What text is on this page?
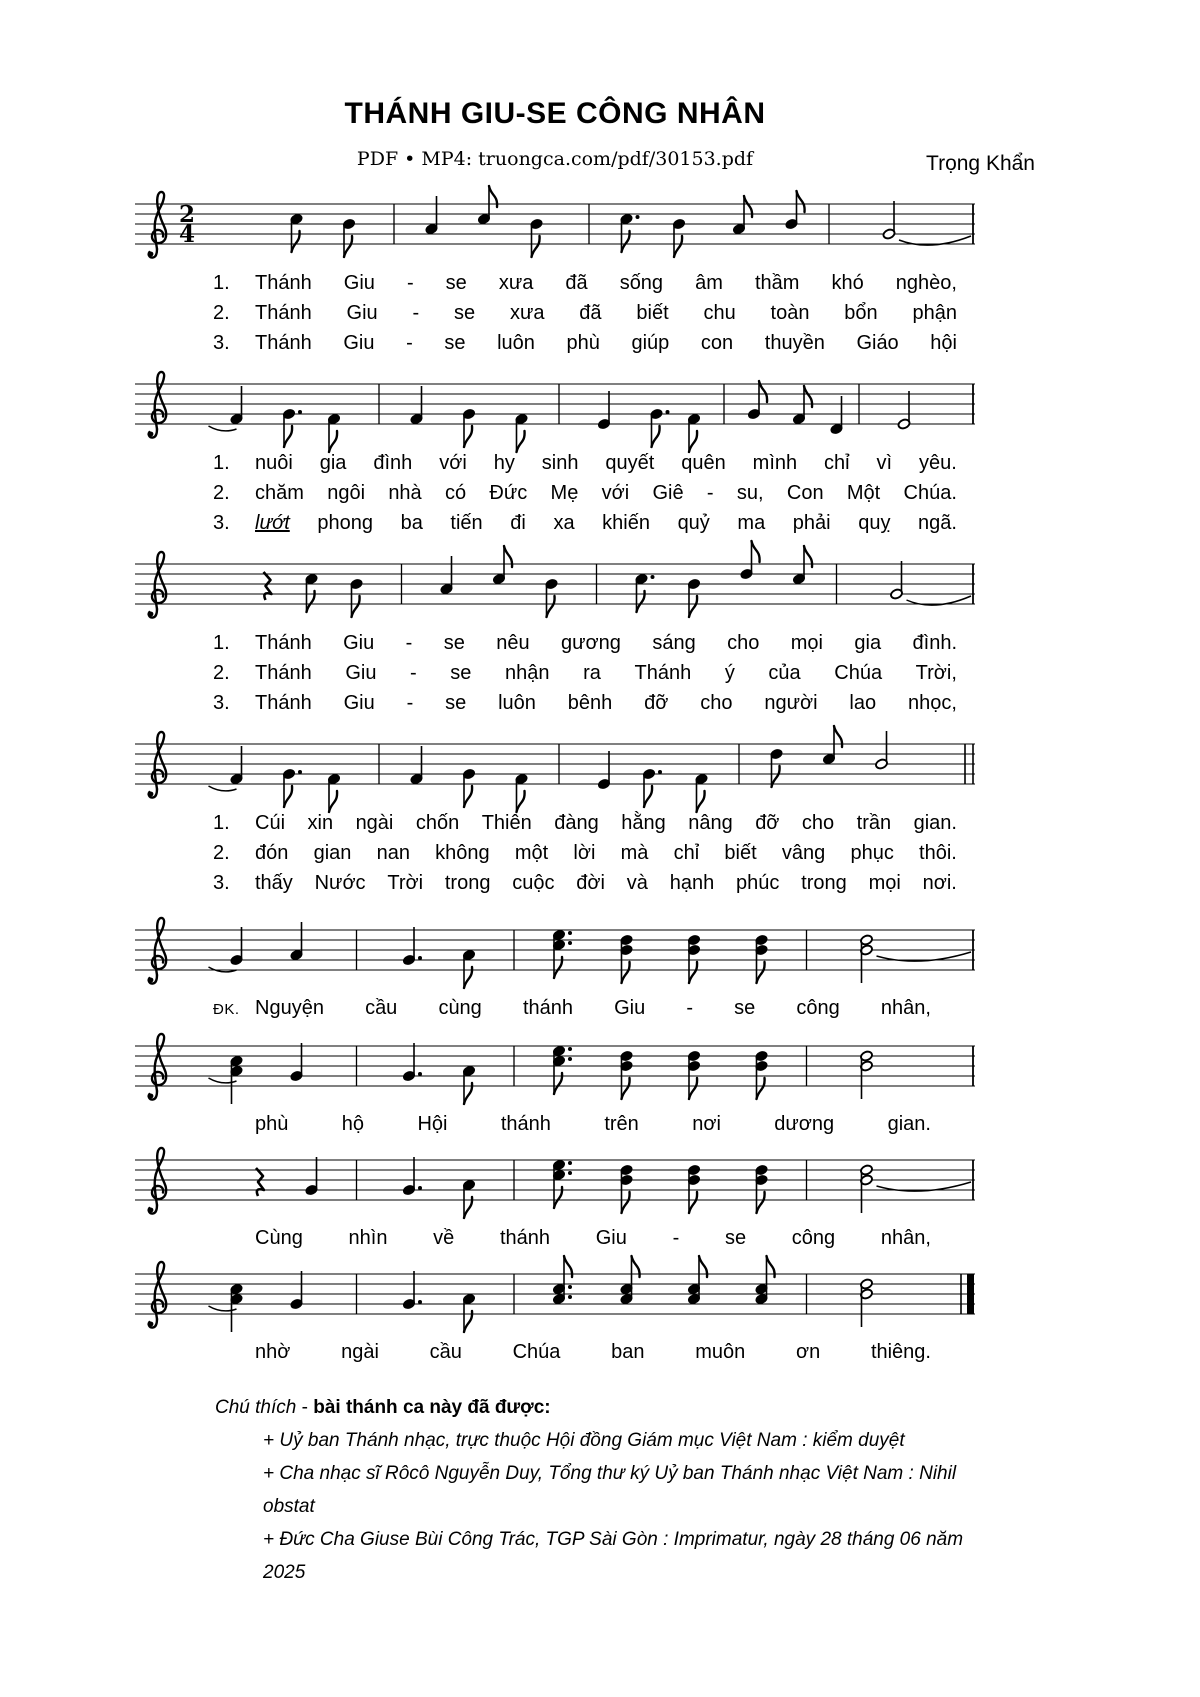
THÁNH GIU-SE CÔNG NHÂN
PDF • MP4: truongca.com/pdf/30153.pdf	Trọng Khẩn
2
4
1.	Thánh Giu - se xưa đã sống âm thầm khó nghèo,
2.	Thánh Giu - se xưa đã biết chu toàn bổn phận
3.	Thánh Giu - se luôn phù giúp con thuyền Giáo hội
1.	nuôi gia đình với hy sinh quyết quên mình chỉ vì yêu.
2.	chăm ngôi nhà có Đức Mẹ với Giê - su, Con Một Chúa.
3.	lướt phong ba tiến đi xa khiến quỷ ma phải quỵ ngã.
1.	Thánh Giu - se nêu gương sáng cho mọi gia đình.
2.	Thánh Giu - se nhận ra Thánh ý của Chúa Trời,
3.	Thánh Giu - se luôn bênh đỡ cho người lao nhọc,
1.	Cúi xin ngài chốn Thiên đàng hằng nâng đỡ cho trần gian.
2.	đón gian nan không một lời mà chỉ biết vâng phục thôi.
3.	thấy Nước Trời trong cuộc đời và hạnh phúc trong mọi nơi.
ĐK. Nguyện cầu cùng thánh Giu - se công nhân,
phù	hộ	Hội	thánh	trên	nơi	dương	gian.
Cùng nhìn về thánh Giu - se công nhân,
nhờ	ngài	cầu	Chúa	ban	muôn	ơn	thiêng.
Chú thích - bài thánh ca này đã được:
+ Uỷ ban Thánh nhạc, trực thuộc Hội đồng Giám mục Việt Nam : kiểm duyệt
+ Cha nhạc sĩ Rôcô Nguyễn Duy, Tổng thư ký Uỷ ban Thánh nhạc Việt Nam : Nihil obstat
+ Đức Cha Giuse Bùi Công Trác, TGP Sài Gòn : Imprimatur, ngày 28 tháng 06 năm 2025
